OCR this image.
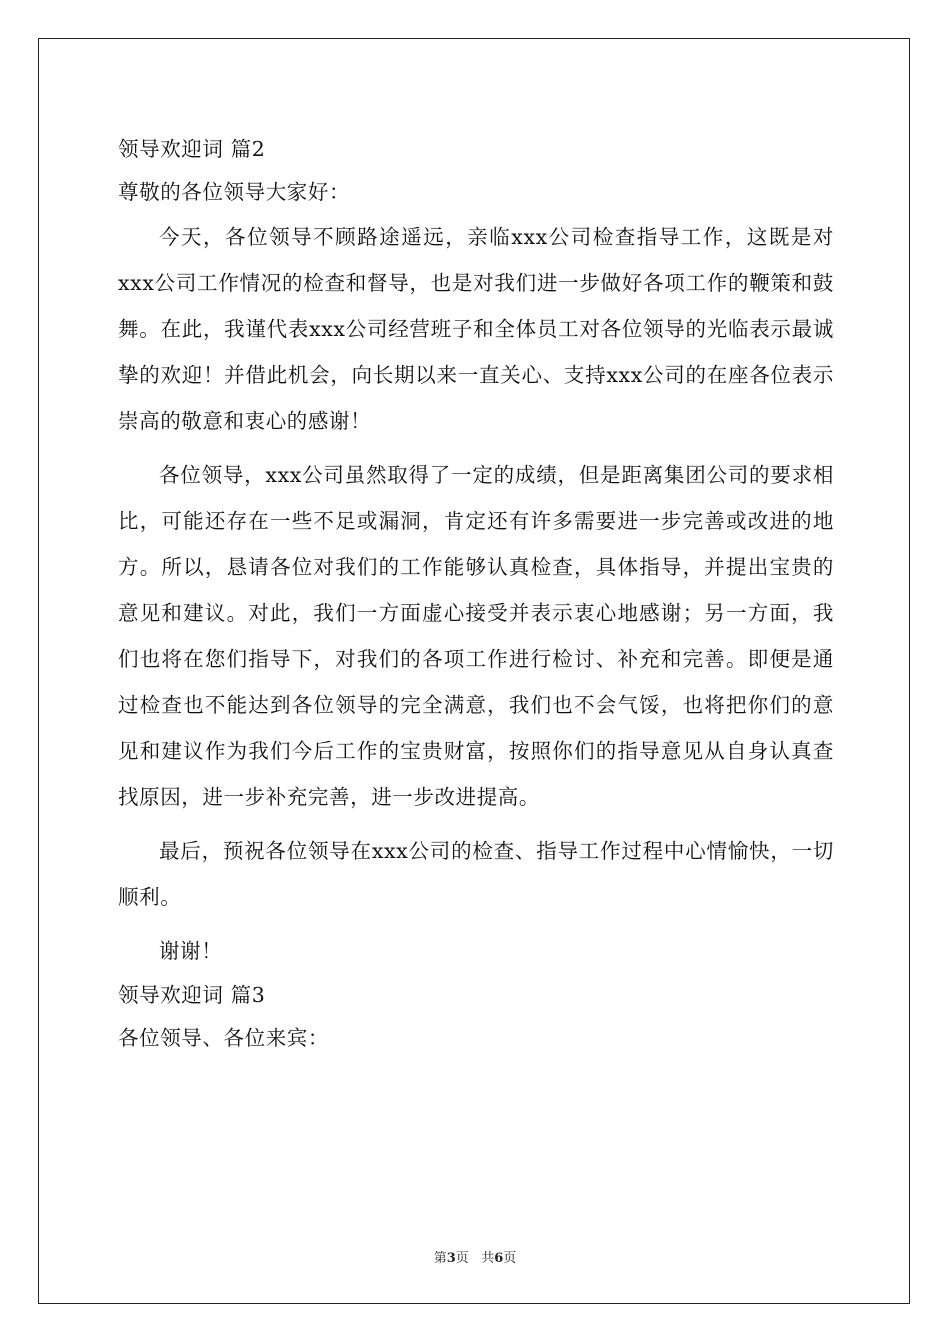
领导欢迎词 篇2

尊敬的各位领导大家好：

今天，各位领导不顾路途遥远，亲临xxx公司检查指导工作，这既是对xxx公司工作情况的检查和督导，也是对我们进一步做好各项工作的鞭策和鼓舞。在此，我谨代表xxx公司经营班子和全体员工对各位领导的光临表示最诚挚的欢迎！并借此机会，向长期以来一直关心、支持xxx公司的在座各位表示崇高的敬意和衷心的感谢！

各位领导，xxx公司虽然取得了一定的成绩，但是距离集团公司的要求相比，可能还存在一些不足或漏洞，肯定还有许多需要进一步完善或改进的地方。所以，恳请各位对我们的工作能够认真检查，具体指导，并提出宝贵的意见和建议。对此，我们一方面虚心接受并表示衷心地感谢；另一方面，我们也将在您们指导下，对我们的各项工作进行检讨、补充和完善。即便是通过检查也不能达到各位领导的完全满意，我们也不会气馁，也将把你们的意见和建议作为我们今后工作的宝贵财富，按照你们的指导意见从自身认真查找原因，进一步补充完善，进一步改进提高。

最后，预祝各位领导在xxx公司的检查、指导工作过程中心情愉快，一切顺利。

谢谢！

领导欢迎词 篇3

各位领导、各位来宾：

第3页 共6页
